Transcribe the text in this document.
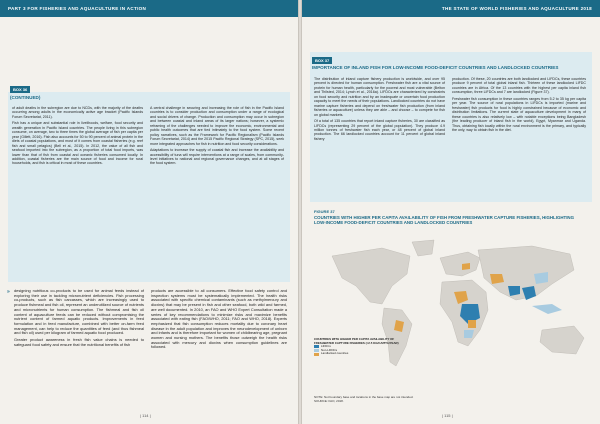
PART 3 FOR FISHERIES AND AQUACULTURE IN ACTION
BOX 36
(CONTINUED)

of adult deaths in the subregion are due to NCDs, with the majority of the deaths occurring among adults in the economically active age bracket (Pacific Islands Forum Secretariat, 2011).

Fish has a unique and substantial role in livelihoods, welfare, food security and wealth generation in Pacific Island countries. The people living in this subregion consume, on average, two to three times the global average of fish per capita per year (Gillett, 2016). Fish also accounts for 50 to 90 percent of animal protein in the diets of coastal populations, and most of it comes from coastal fisheries (e.g. reef fish and small pelagics) (Bell et al., 2015). In 2012, the value of all fish and seafood imported into the subregion, as a proportion of total food imports, was lower than that of fish from coastal and oceanic fisheries consumed locally. In addition, coastal fisheries are the main source of food and income for rural households, and fish is critical in most of these countries.

A central challenge in securing and increasing the role of fish in the Pacific Island countries is to consider production and consumption under a range of ecological and social drivers of change. Production and consumption may occur in subregion and between coastal and inland areas of its larger nations; however, a systemic reframing of the challenges needed to improve the economic, environmental and public health outcomes that are tied intimately to the food system. Some recent policy narratives, such as the Framework for Pacific Regionalism (Pacific Islands Forum Secretariat, 2014) and the 2015 Pacific Regional Strategy (SPC, 2015), seek more integrated approaches for fish in nutrition and food security considerations.

Adaptations to increase the supply of coastal fish and increase the availability and accessibility of tuna will require interventions at a range of scales, from community-level initiatives to national and regional governance changes, and at all stages of the food system.

» designing nutritious co-products to be used for animal feeds instead of exploring their use in tackling micronutrient deficiencies. Fish processing co-products, such as fish carcasses, which are increasingly used to produce fishmeal and fish oil, represent an underutilized source of nutrients and micronutrients for human consumption. The fishmeal and fish oil content of aquaculture feeds can be reduced without compromising the nutrient content of farmed aquatic products. Improvements in feed formulation and in feed manufacture, combined with better on-farm feed management, can help to reduce the quantities of feed (and thus fishmeal and fish oil) used per kilogram of farmed aquatic food produced.

Greater product awareness in fresh fish value chains is needed to safeguard food safety and ensure that the nutritional benefits of fish

products are accessible to all consumers. Effective food safety control and inspection systems must be systematically implemented. The health risks associated with specific chemical contaminants (such as methylmercury and dioxins) that may be present in fish and other seafood, both wild and farmed, are well documented. In 2010, an FAO and WHO Expert Consultation made a series of key recommendations to minimize risks and maximize benefits associated with eating fish (FAO/WHO, 2011; FAO and WHO, 2018). Experts emphasized that fish consumption reduces mortality due to coronary heart disease in the adult population and improves the neurodevelopment of unborn and infants and is therefore important for women of childbearing age, pregnant women and nursing mothers. The benefits those outweigh the health risks associated with mercury and dioxins when consumption guidelines are followed.

| 114 |
THE STATE OF WORLD FISHERIES AND AQUACULTURE 2018
BOX 37
IMPORTANCE OF INLAND FISH FOR LOW-INCOME FOOD-DEFICIT COUNTRIES AND LANDLOCKED COUNTRIES

The distribution of inland capture fishery production is worldwide, and over 95 percent is directed for human consumption. Freshwater fish are a vital source of protein for human health, particularly for the poorest and most vulnerable (Belton and Thilsted, 2014; Lynch et al., 2016a). LIFDCs are characterized by constraints on food security and nutrition and by an inadequate or uncertain food production capacity to meet the needs of their populations. Landlocked countries do not have marine capture fisheries and depend on freshwater fish production (from inland fisheries or aquaculture) unless they are able – and choose – to compete for fish on global markets.

Of a total of 135 countries that report inland capture fisheries, 30 are classified as LIFDCs (representing 29 percent of the global population). They produce 4.9 million tonnes of freshwater fish each year, or 48 percent of global inland production. The 66 landlocked countries account for 11 percent of global inland fishery

production. Of these, 20 countries are both landlocked and LIFDCs, these countries produce 9 percent of total global inland fish. Thirteen of these landlocked LIFDC countries are in Africa. Of the 13 countries with the highest per capita inland fish consumption, three LIFDCs and 7 are landlocked (Figure 37).

Freshwater fish consumption in these countries ranges from 5.2 to 35 kg per capita per year. The source of rural populations in LIFDCs is imported (marine and freshwater) fish products for food is highly constrained because of economic and distribution limitations. The current state of aquaculture development in many of these countries is also relatively low – with notable exceptions being Bangladesh (the leading producer of inland fish in the world), Egypt, Myanmar and Uganda. Thus, obtaining fish locally within the rural environment is the primary, and typically the only, way to obtain fish in the diet.

FIGURE 37
COUNTRIES WITH HIGHER PER CAPITA AVAILABILITY OF FISH FROM FRESHWATER CAPTURE FISHERIES, HIGHLIGHTING LOW-INCOME FOOD-DEFICIT COUNTRIES AND LANDLOCKED COUNTRIES
COUNTRIES WITH HIGHER PER CAPITA AVAILABILITY OF FRESHWATER CAPTURE FISHERIES (>2.5 KG/CAPITA/YEAR)
LIFDCs
Non-LIFDCs
Landlocked countries
NOTE: Not boundary base and locations in the base map are not intended.
SOURCE: FAO, 2018.
| 115 |
